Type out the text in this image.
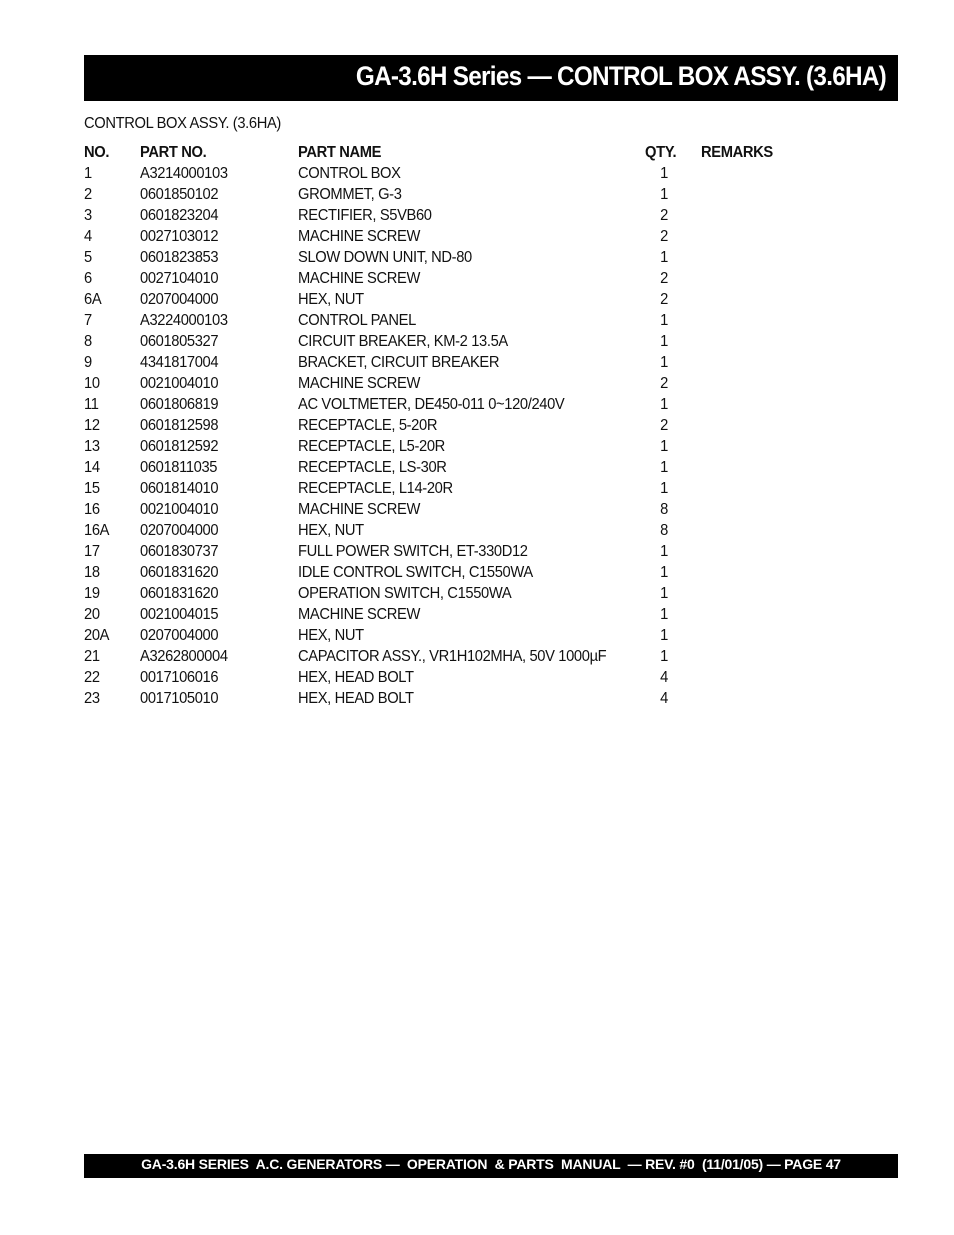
GA-3.6H Series — CONTROL BOX ASSY. (3.6HA)
CONTROL BOX ASSY. (3.6HA)
NO. PART NO.	PART NAME	QTY. REMARKS
1	A3214000103	CONTROL BOX	1
2	0601850102	GROMMET, G-3	1
3	0601823204	RECTIFIER, S5VB60	2
4	0027103012	MACHINE SCREW	2
5	0601823853	SLOW DOWN UNIT, ND-80	1
6	0027104010	MACHINE SCREW	2
6A 0207004000	HEX, NUT	2
7	A3224000103	CONTROL PANEL	1
8	0601805327	CIRCUIT BREAKER, KM-2 13.5A	1
9	4341817004	BRACKET, CIRCUIT BREAKER	1
10	0021004010	MACHINE SCREW	2
11	0601806819	AC VOLTMETER, DE450-011 0~120/240V	1
12	0601812598	RECEPTACLE, 5-20R	2
13	0601812592	RECEPTACLE, L5-20R	1
14	0601811035	RECEPTACLE, LS-30R	1
15	0601814010	RECEPTACLE, L14-20R	1
16	0021004010	MACHINE SCREW	8
16A 0207004000	HEX, NUT	8
17	0601830737	FULL POWER SWITCH, ET-330D12	1
18	0601831620	IDLE CONTROL SWITCH, C1550WA	1
19	0601831620	OPERATION SWITCH, C1550WA	1
20	0021004015	MACHINE SCREW	1
20A 0207004000	HEX, NUT	1
21	A3262800004	CAPACITOR ASSY., VR1H102MHA, 50V 1000µF	1
22	0017106016	HEX, HEAD BOLT	4
23	0017105010	HEX, HEAD BOLT	4
GA-3.6H SERIES  A.C. GENERATORS —  OPERATION  & PARTS  MANUAL  — REV. #0  (11/01/05) — PAGE 47
